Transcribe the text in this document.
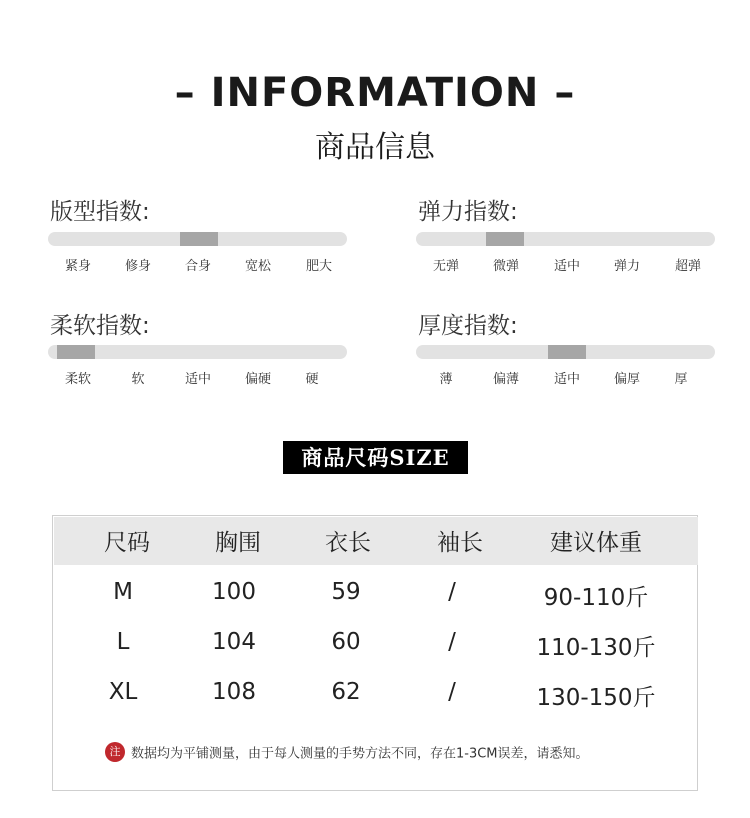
– INFORMATION –
商品信息
版型指数:
紧身	修身	合身	宽松	肥大
弹力指数:
无弹	微弹	适中	弹力	超弹
柔软指数:
柔软	软	适中	偏硬	硬
厚度指数:
薄	偏薄	适中	偏厚	厚
商品尺码SIZE
尺码	胸围	衣长	袖长	建议体重
M	100	59	/	90-110斤
L	104	60	/	110-130斤
XL	108	62	/	130-150斤
注 数据均为平铺测量，由于每人测量的手势方法不同，存在1-3CM误差，请悉知。
